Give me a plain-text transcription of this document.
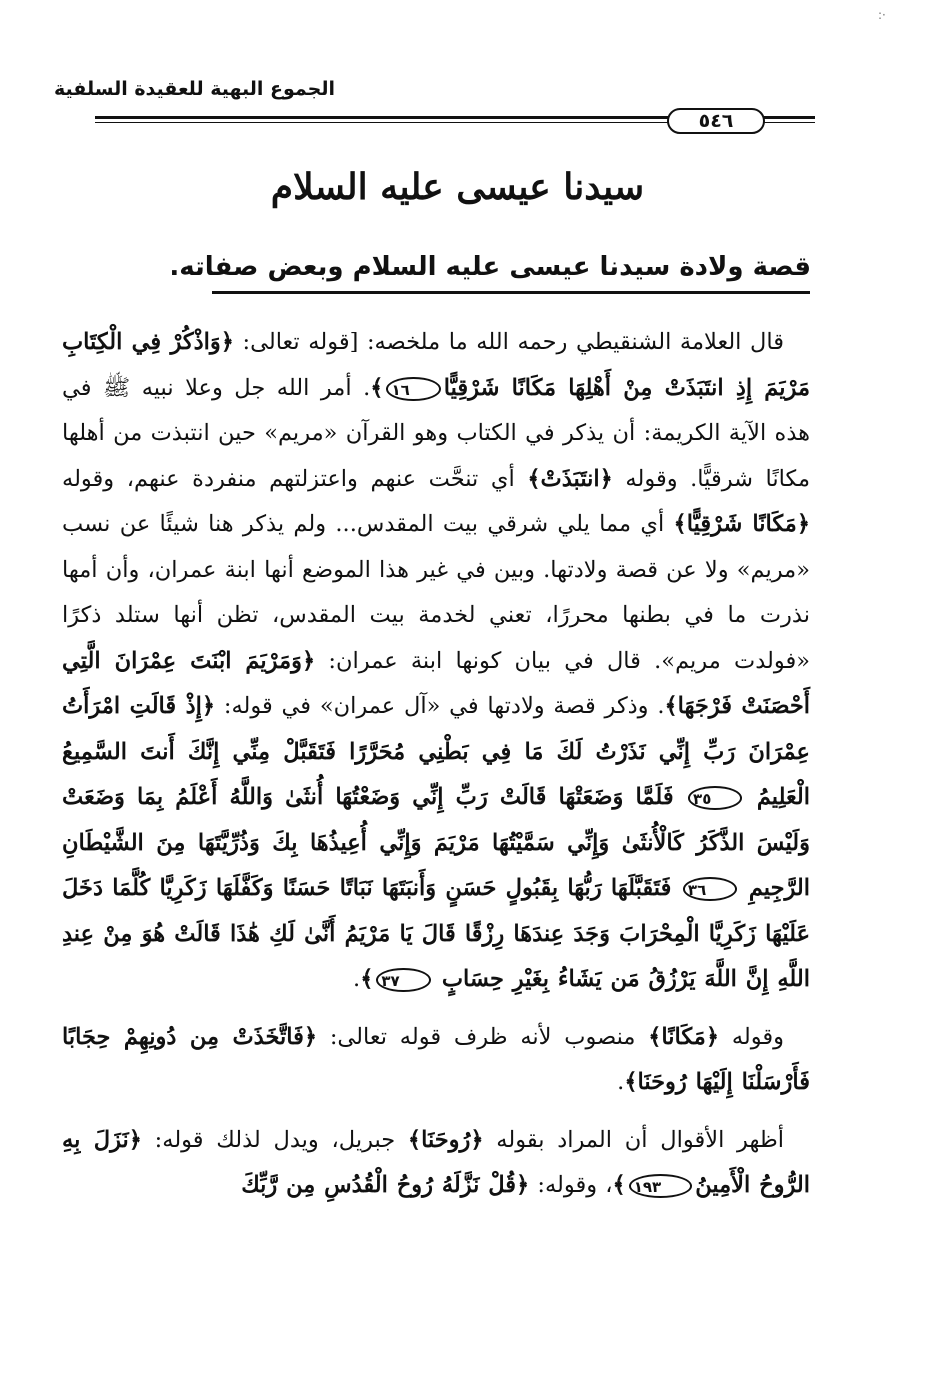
·:
الجموع البهية للعقيدة السلفية
٥٤٦
سيدنا عيسى عليه السلام
قصة ولادة سيدنا عيسى عليه السلام وبعض صفاته.

قال العلامة الشنقيطي رحمه الله ما ملخصه: [قوله تعالى: ﴿وَاذْكُرْ فِي الْكِتَابِ مَرْيَمَ إِذِ انتَبَذَتْ مِنْ أَهْلِهَا مَكَانًا شَرْقِيًّا١٦﴾. أمر الله جل وعلا نبيه ﷺ في هذه الآية الكريمة: أن يذكر في الكتاب وهو القرآن «مريم» حين انتبذت من أهلها مكانًا شرقيًّا. وقوله ﴿انتَبَذَتْ﴾ أي تنحَّت عنهم واعتزلتهم منفردة عنهم، وقوله ﴿مَكَانًا شَرْقِيًّا﴾ أي مما يلي شرقي بيت المقدس... ولم يذكر هنا شيئًا عن نسب «مريم» ولا عن قصة ولادتها. وبين في غير هذا الموضع أنها ابنة عمران، وأن أمها نذرت ما في بطنها محررًا، تعني لخدمة بيت المقدس، تظن أنها ستلد ذكرًا «فولدت مريم». قال في بيان كونها ابنة عمران: ﴿وَمَرْيَمَ ابْنَتَ عِمْرَانَ الَّتِي أَحْصَنَتْ فَرْجَهَا﴾. وذكر قصة ولادتها في «آل عمران» في قوله: ﴿إِذْ قَالَتِ امْرَأَتُ عِمْرَانَ رَبِّ إِنِّي نَذَرْتُ لَكَ مَا فِي بَطْنِي مُحَرَّرًا فَتَقَبَّلْ مِنِّي إِنَّكَ أَنتَ السَّمِيعُ الْعَلِيمُ ٣٥ فَلَمَّا وَضَعَتْهَا قَالَتْ رَبِّ إِنِّي وَضَعْتُهَا أُنثَىٰ وَاللَّهُ أَعْلَمُ بِمَا وَضَعَتْ وَلَيْسَ الذَّكَرُ كَالْأُنثَىٰ وَإِنِّي سَمَّيْتُهَا مَرْيَمَ وَإِنِّي أُعِيذُهَا بِكَ وَذُرِّيَّتَهَا مِنَ الشَّيْطَانِ الرَّجِيمِ ٣٦ فَتَقَبَّلَهَا رَبُّهَا بِقَبُولٍ حَسَنٍ وَأَنبَتَهَا نَبَاتًا حَسَنًا وَكَفَّلَهَا زَكَرِيَّا كُلَّمَا دَخَلَ عَلَيْهَا زَكَرِيَّا الْمِحْرَابَ وَجَدَ عِندَهَا رِزْقًا قَالَ يَا مَرْيَمُ أَنَّىٰ لَكِ هَٰذَا قَالَتْ هُوَ مِنْ عِندِ اللَّهِ إِنَّ اللَّهَ يَرْزُقُ مَن يَشَاءُ بِغَيْرِ حِسَابٍ ٣٧﴾.

وقوله ﴿مَكَانًا﴾ منصوب لأنه ظرف قوله تعالى: ﴿فَاتَّخَذَتْ مِن دُونِهِمْ حِجَابًا فَأَرْسَلْنَا إِلَيْهَا رُوحَنَا﴾.

أظهر الأقوال أن المراد بقوله ﴿رُوحَنَا﴾ جبريل، ويدل لذلك قوله: ﴿نَزَلَ بِهِ الرُّوحُ الْأَمِينُ١٩٣﴾، وقوله: ﴿قُلْ نَزَّلَهُ رُوحُ الْقُدُسِ مِن رَّبِّكَ
